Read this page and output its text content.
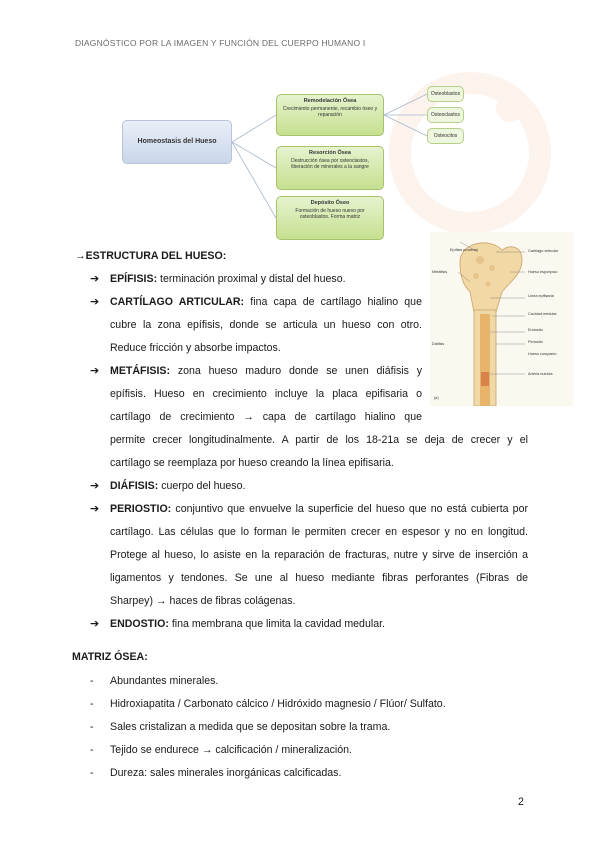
DIAGNÓSTICO POR LA IMAGEN Y FUNCIÓN DEL CUERPO HUMANO I
Homeostasis del Hueso
Remodelación Ósea
Crecimiento permanente, recambio óseo y reparación
Resorción Ósea
Destrucción ósea por osteoclastos, liberación de minerales a la sangre
Depósito Óseo
Formación de hueso nuevo por osteoblastos. Forma matriz
Osteoblastos
Osteoclastos
Osteocitos
Epífisis proximal
Metáfisis
Cartílago articular
Hueso esponjoso
Línea epifisaria
Diáfisis
Cavidad medular
Endostio
Periostio
Hueso compacto
Arteria nutricia
(a)
→ESTRUCTURA DEL HUESO:
➔ EPÍFISIS: terminación proximal y distal del hueso.
➔ CARTÍLAGO ARTICULAR: fina capa de cartílago hialino que
cubre la zona epífisis, donde se articula un hueso con otro.
Reduce fricción y absorbe impactos.
➔ METÁFISIS: zona hueso maduro donde se unen diáfisis y
epífisis. Hueso en crecimiento incluye la placa epifisaria o
cartílago de crecimiento → capa de cartílago hialino que
permite crecer longitudinalmente. A partir de los 18-21a se deja de crecer y el
cartílago se reemplaza por hueso creando la línea epifisaria.
➔ DIÁFISIS: cuerpo del hueso.
➔ PERIOSTIO: conjuntivo que envuelve la superficie del hueso que no está cubierta por
cartílago. Las células que lo forman le permiten crecer en espesor y no en longitud.
Protege al hueso, lo asiste en la reparación de fracturas, nutre y sirve de inserción a
ligamentos y tendones. Se une al hueso mediante fibras perforantes (Fibras de
Sharpey) → haces de fibras colágenas.
➔ ENDOSTIO: fina membrana que limita la cavidad medular.
MATRIZ ÓSEA:
- Abundantes minerales.
- Hidroxiapatita / Carbonato cálcico / Hidróxido magnesio / Flúor/ Sulfato.
- Sales cristalizan a medida que se depositan sobre la trama.
- Tejido se endurece → calcificación / mineralización.
- Dureza: sales minerales inorgánicas calcificadas.
2
